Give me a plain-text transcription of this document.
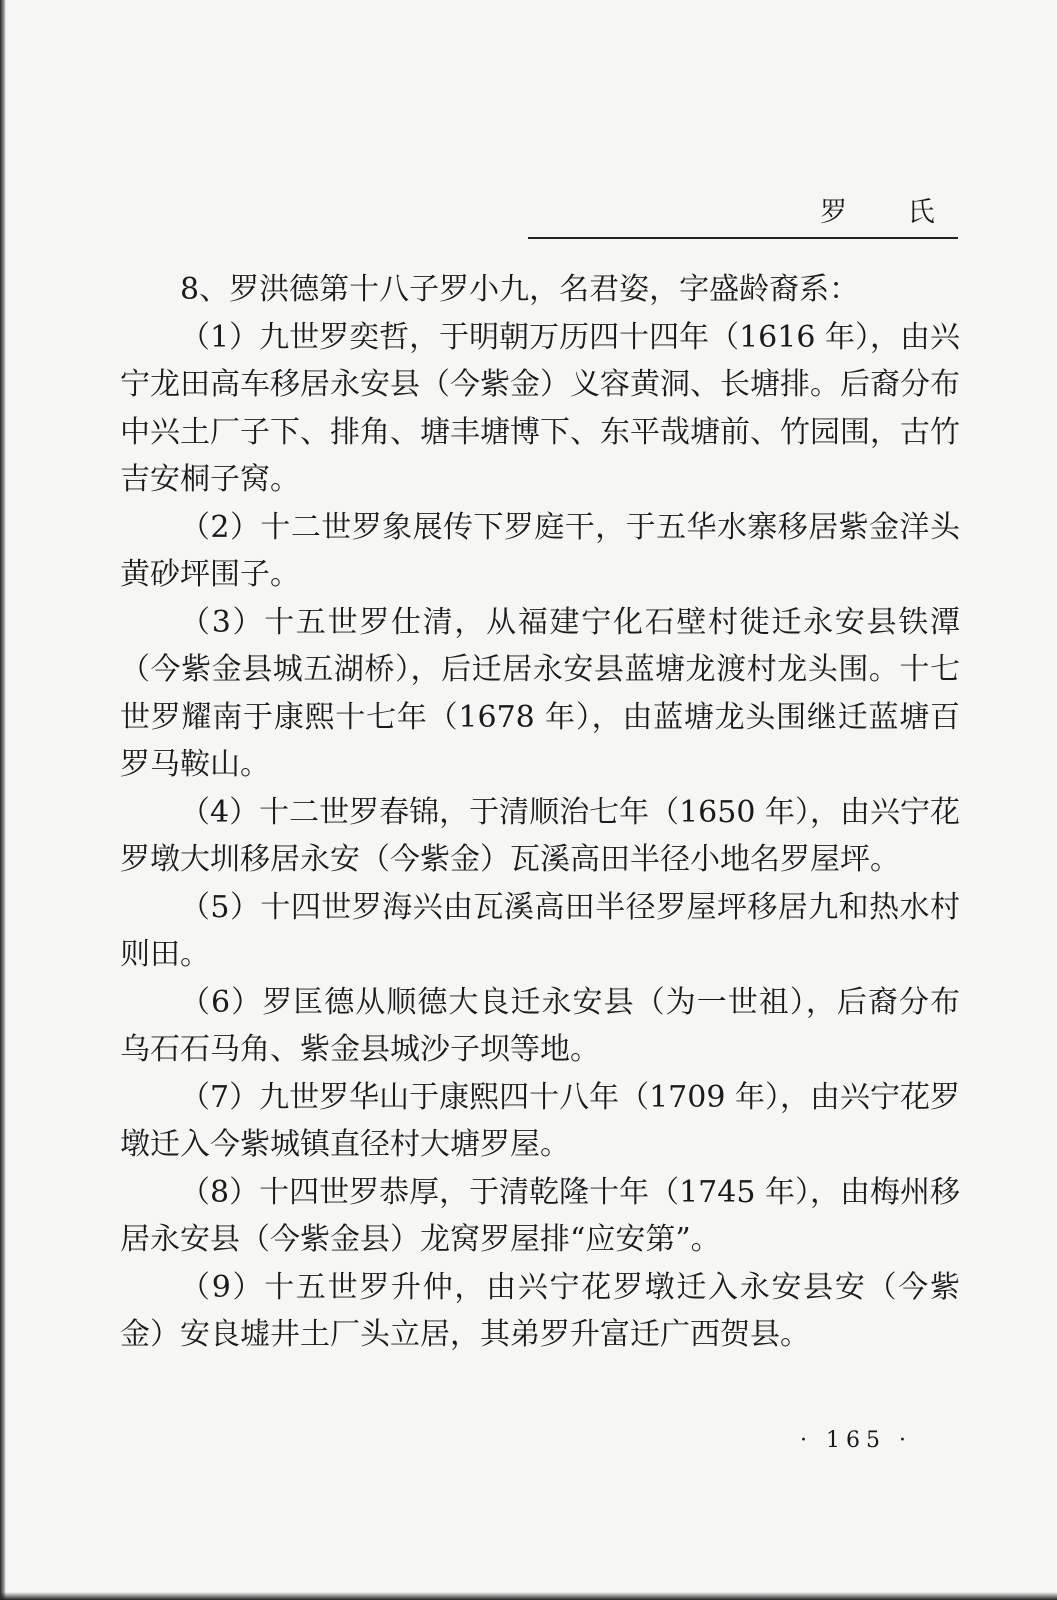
罗 氏

8、罗洪德第十八子罗小九，名君姿，字盛龄裔系：

（1）九世罗奕哲，于明朝万历四十四年（1616 年），由兴宁龙田高车移居永安县（今紫金）义容黄洞、长塘排。后裔分布中兴土厂子下、排角、塘丰塘博下、东平哉塘前、竹园围，古竹吉安桐子窝。

（2）十二世罗象展传下罗庭干，于五华水寨移居紫金洋头黄砂坪围子。

（3）十五世罗仕清，从福建宁化石壁村徙迁永安县铁潭（今紫金县城五湖桥），后迁居永安县蓝塘龙渡村龙头围。十七世罗耀南于康熙十七年（1678 年），由蓝塘龙头围继迁蓝塘百罗马鞍山。

（4）十二世罗春锦，于清顺治七年（1650 年），由兴宁花罗墩大圳移居永安（今紫金）瓦溪高田半径小地名罗屋坪。

（5）十四世罗海兴由瓦溪高田半径罗屋坪移居九和热水村则田。

（6）罗匡德从顺德大良迁永安县（为一世祖），后裔分布乌石石马角、紫金县城沙子坝等地。

（7）九世罗华山于康熙四十八年（1709 年），由兴宁花罗墩迁入今紫城镇直径村大塘罗屋。

（8）十四世罗恭厚，于清乾隆十年（1745 年），由梅州移居永安县（今紫金县）龙窝罗屋排“应安第”。

（9）十五世罗升仲，由兴宁花罗墩迁入永安县安（今紫金）安良墟井土厂头立居，其弟罗升富迁广西贺县。

· 165 ·
